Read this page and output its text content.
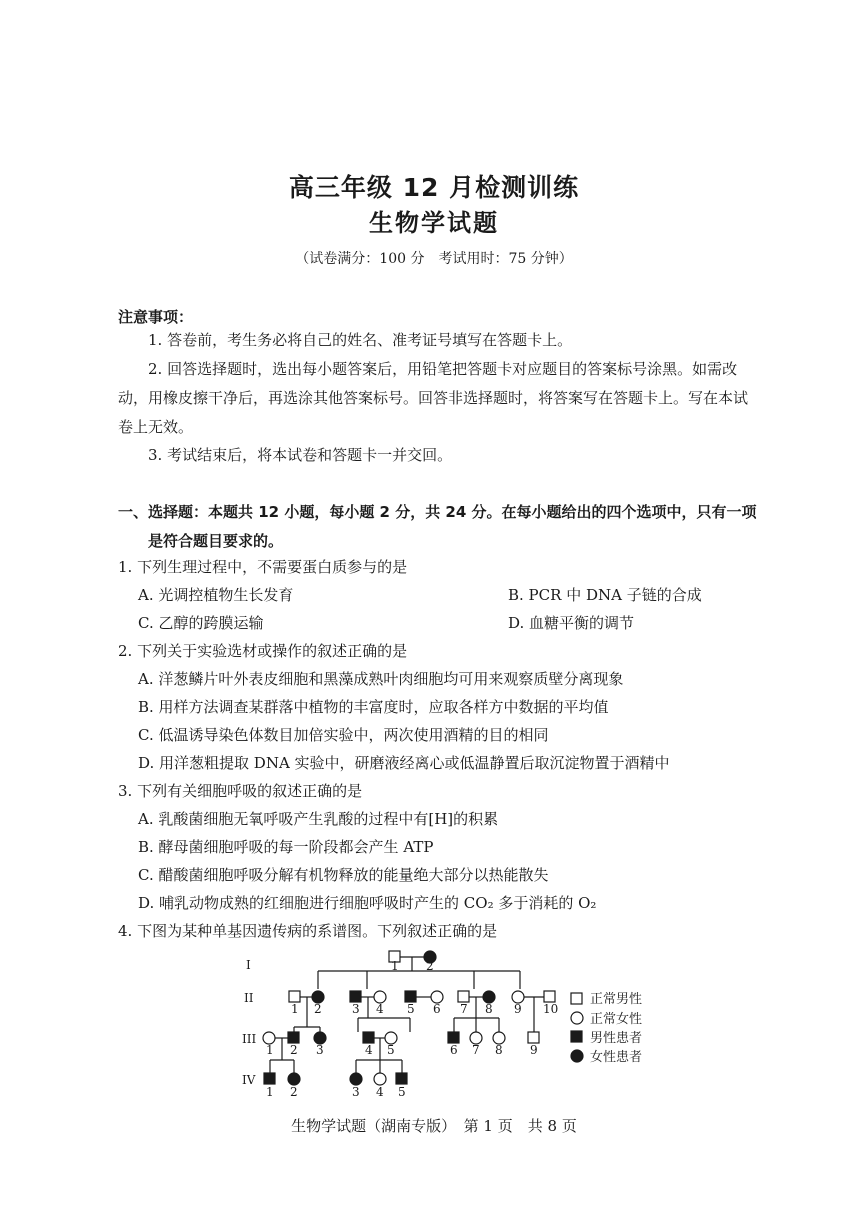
高三年级 12 月检测训练
生物学试题
（试卷满分：100 分　考试用时：75 分钟）
注意事项：
1. 答卷前，考生务必将自己的姓名、准考证号填写在答题卡上。
2. 回答选择题时，选出每小题答案后，用铅笔把答题卡对应题目的答案标号涂黑。如需改动，用橡皮擦干净后，再选涂其他答案标号。回答非选择题时，将答案写在答题卡上。写在本试卷上无效。
3. 考试结束后，将本试卷和答题卡一并交回。
一、选择题：本题共 12 小题，每小题 2 分，共 24 分。在每小题给出的四个选项中，只有一项
是符合题目要求的。
1. 下列生理过程中，不需要蛋白质参与的是
A. 光调控植物生长发育	B. PCR 中 DNA 子链的合成
C. 乙醇的跨膜运输	D. 血糖平衡的调节
2. 下列关于实验选材或操作的叙述正确的是
A. 洋葱鳞片叶外表皮细胞和黑藻成熟叶肉细胞均可用来观察质壁分离现象
B. 用样方法调查某群落中植物的丰富度时，应取各样方中数据的平均值
C. 低温诱导染色体数目加倍实验中，两次使用酒精的目的相同
D. 用洋葱粗提取 DNA 实验中，研磨液经离心或低温静置后取沉淀物置于酒精中
3. 下列有关细胞呼吸的叙述正确的是
A. 乳酸菌细胞无氧呼吸产生乳酸的过程中有[H]的积累
B. 酵母菌细胞呼吸的每一阶段都会产生 ATP
C. 醋酸菌细胞呼吸分解有机物释放的能量绝大部分以热能散失
D. 哺乳动物成熟的红细胞进行细胞呼吸时产生的 CO₂ 多于消耗的 O₂
4. 下图为某种单基因遗传病的系谱图。下列叙述正确的是
I
II
III
IV
1 2
1 2	3 4 5 6 7 8 9 10
1 2 3	4 5	6 7 8 9
1 2	3 4 5
正常男性
正常女性
男性患者
女性患者
生物学试题（湖南专版）　第 1 页　共 8 页
